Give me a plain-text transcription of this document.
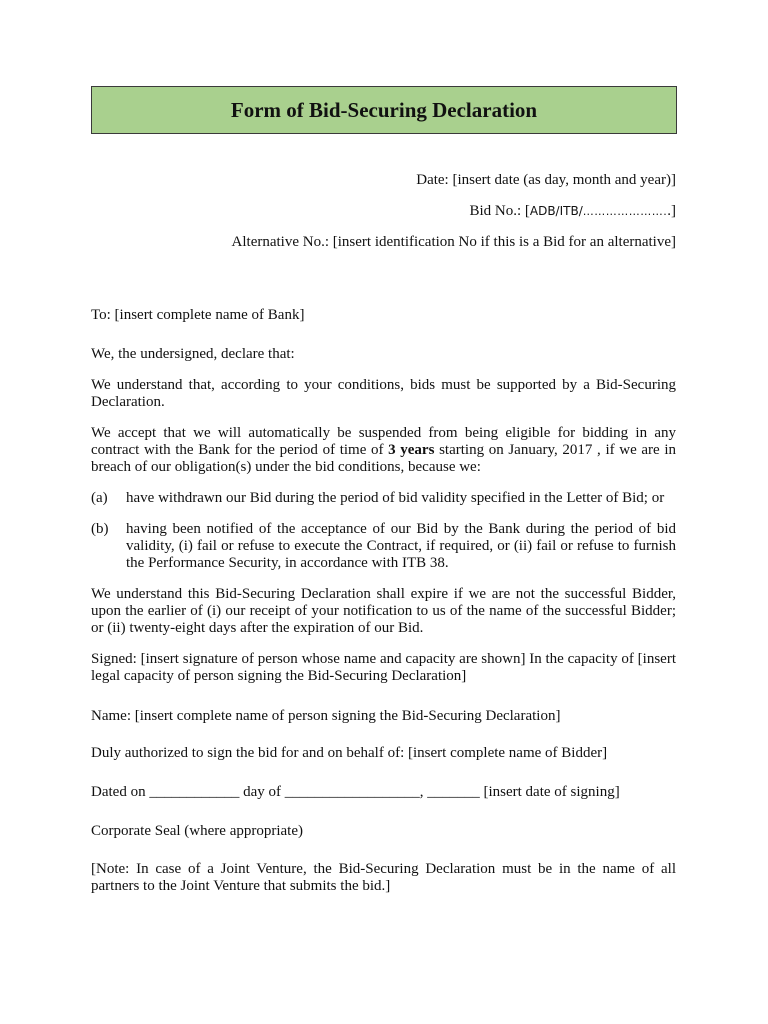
Form of Bid-Securing Declaration
Date: [insert date (as day, month and year)]
Bid No.: [ADB/ITB/…………………..]
Alternative No.: [insert identification No if this is a Bid for an alternative]
To: [insert complete name of Bank]
We, the undersigned, declare that:

We understand that, according to your conditions, bids must be supported by a Bid-Securing Declaration.

We accept that we will automatically be suspended from being eligible for bidding in any contract with the Bank for the period of time of 3 years starting on January, 2017 , if we are in breach of our obligation(s) under the bid conditions, because we:

(a)	have withdrawn our Bid during the period of bid validity specified in the Letter of Bid; or
(b)	having been notified of the acceptance of our Bid by the Bank during the period of bid validity, (i) fail or refuse to execute the Contract, if required, or (ii) fail or refuse to furnish the Performance Security, in accordance with ITB 38.

We understand this Bid-Securing Declaration shall expire if we are not the successful Bidder, upon the earlier of (i) our receipt of your notification to us of the name of the successful Bidder; or (ii) twenty-eight days after the expiration of our Bid.

Signed: [insert signature of person whose name and capacity are shown] In the capacity of [insert legal capacity of person signing the Bid-Securing Declaration]

Name: [insert complete name of person signing the Bid-Securing Declaration]
Duly authorized to sign the bid for and on behalf of: [insert complete name of Bidder]
Dated on ____________ day of __________________, _______ [insert date of signing]
Corporate Seal (where appropriate)

[Note: In case of a Joint Venture, the Bid-Securing Declaration must be in the name of all partners to the Joint Venture that submits the bid.]
